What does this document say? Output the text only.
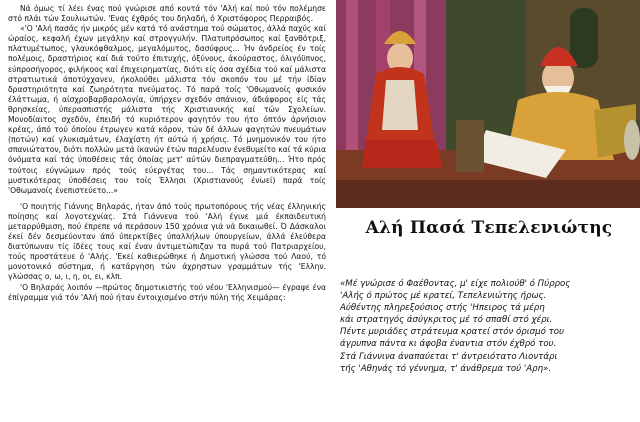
Νά όμως τί λέει ένας πού γνώρισε από κοντά τόν 'Αλή καί πού τόν πολέμησε στό πλάι τών Σουλιωτών. 'Ενας έχθρός του δηλαδή, ό Χριστόφορος Περραιβός.

«'Ο 'Αλή πασάς ήν μικρός μέν κατά τό ανάστημα τού σώματος, άλλά παχύς καί ώραίος, κεφαλή έχων μεγάλην καί στρογγυλήν. Πλατυπρόσωπος καί ξανθότριξ, πλατυμέτωπος, γλαυκόφθαλμος, μεγαλόμυτος, δασύφρυς... Ήν άνδρείος έν τοίς πολέμοις, δραστήριος καί διά τούτο έπιτυχής, όξύνους, άκούραστος, όλιγόϋπνος, εύπροσήγορος, φιλήκοος καί έπιχειρηματίας, διότι είς όσα σχέδια τού καί μάλιστα στρατιωτικά άποτύχχανεν, ήκολούθει μάλιστα τόν σκοπόν του μέ τήν ίδίαν δραστηριότητα καί ζωηρότητα πνεύματος. Τό παρά τοίς 'Οθωμανοίς φυσικόν έλάττωμα, ή αίσχροβαρβαρολογία, ύπήρχεν σχεδόν σπάνιον, άδιάφορος είς τάς θρησκείας, ύπερασπιστής μάλιστα τής Χριστιανικής καί τών Σχολείων. Μονοδίαιτος σχεδόν, έπειδή τό κυριότερον φαγητόν του ήτο όπτόν άρνήσιον κρέας, άπό τού όποίου έτρωγεν κατά κόρον, τών δέ άλλων φαγητών πνευμάτων (ποτών) καί γλυκισμάτων, έλαχίστη ήτ αύτώ ή χρήσις. Τό μνημονικόν του ήτο σπανιώτατον, διότι πολλών μετά ίκανών έτών παρελέυσιν ένεθυμείτο καί τά κύρια όνόματα καί τάς ύποθέσεις τάς όποίας μετ' αύτών διεπραγματεύθη... Ήτο πρός τούτοις εύγνώμων πρός τούς εύεργέτας του... Τάς σημαντικότερας καί μυστικότερας ύποθέσεις του τοίς Έλλησι (Χριστιανούς ένωεί) παρά τοίς 'Οθωμανοίς ένεπιστεύετο...»

'Ο ποιητής Γιάννης Βηλαράς, ήταν άπό τούς πρωτοπόρους τής νέας έλληνικής ποίησης καί λογοτεχνίας. Στά Γιάννενα τού 'Αλή έγινε μιά έκπαιδευτική μεταρρύθμιση, πού έπρεπε νά περάσουν 150 χρόνια γιά νά δικαιωθεί. Ό Δάσκαλοι έκεί δέν δεσμεύονταν άπό ύπερκτίβες ύπαλλήλων ύπουργείων, άλλά έλεύθερα διατύπωναν τίς ίδέες τους καί έναν άντιμετώπιζαν τα πυρά τού Πατριαρχείου, τούς προστάτευε ό 'Αλής. 'Εκεί καθιερώθηκε ή Δημοτική γλώσσα τού Λαού, τό μονοτονικό σύστημα, ή κατάργηση τών άχρηστων γραμμάτων τής 'Ελλην. γλώσσας ο, ω, ι, η, οι, ει, κλπ.

'Ο Βηλαράς λοιπόν —πρώτος δημοτικιστής τού νέου 'Ελληνισμού— έγραψε ένα έπίγραμμα γιά τόν 'Αλή πού ήταν έντοιχισμένο στήν πύλη τής Χειμάρας:

Αλή Πασά Τεπελενιώτης
«Μέ γνώρισε ό Φαέθοντας, μ' είχε πολιούθ' ό Πύρρος
'Αλής ό πρώτος μέ κρατεί, Τεπελενιώτης ήρως.
Αύθέντης πληρεξούσιος στής 'Ηπειρος τά μέρη
κάι στρατηγός άσύγκριτος μέ τό σπαθί στό χέρι.
Πέντε μυριάδες στράτευμα κρατεί στόν όρισμό του
άγρυπνα πάντα κι άφοβα έναντια στόν έχθρό του.
Στά Γιάννινα άναπαύεται τ' άντρειότατο Λιοντάρι
τής 'Αθηνάς τό γέννημα, τ' άνάθρεμα τού 'Αρη».
